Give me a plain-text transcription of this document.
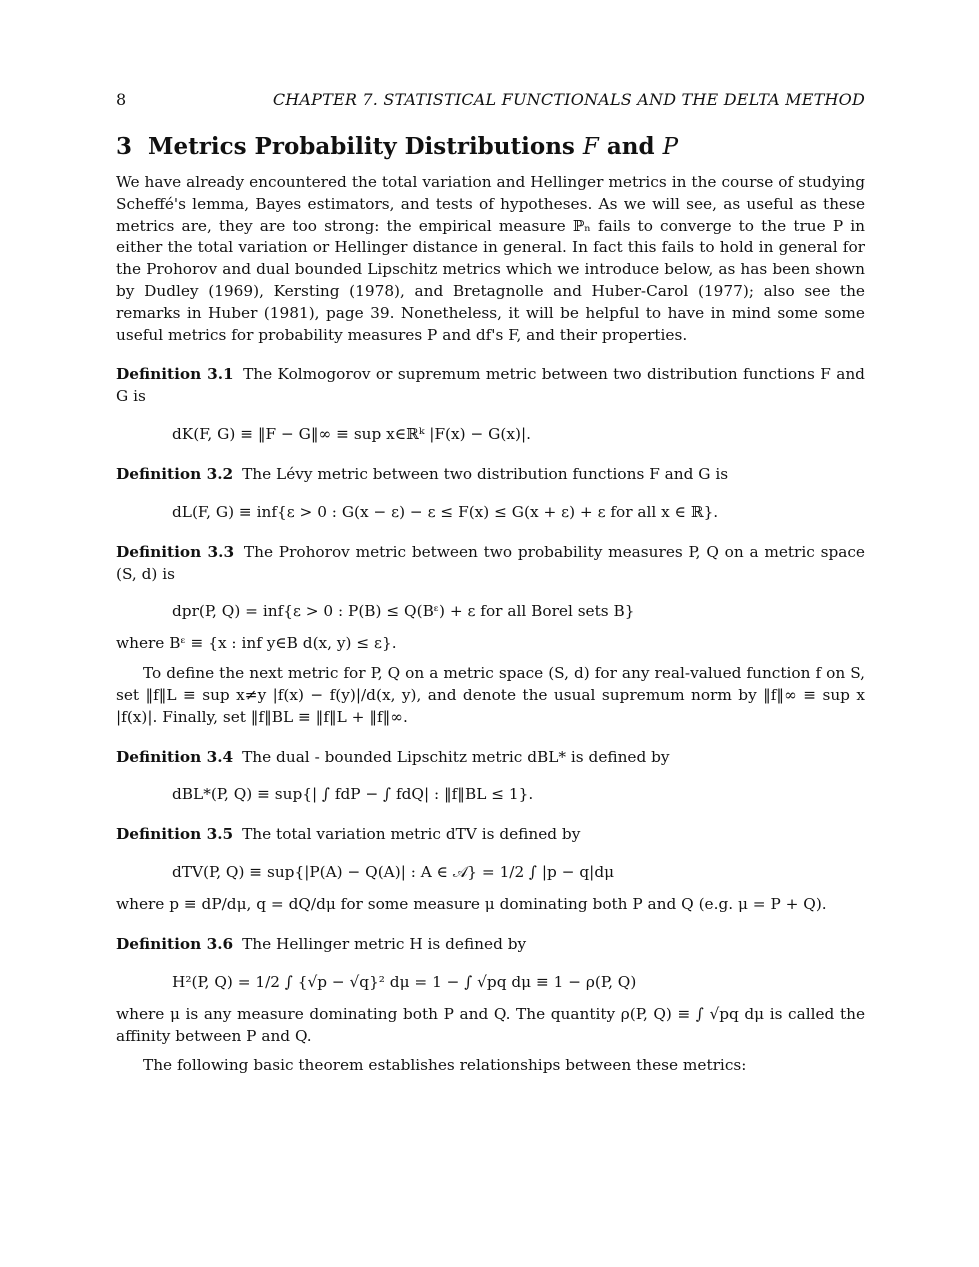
8	CHAPTER 7. STATISTICAL FUNCTIONALS AND THE DELTA METHOD
3 Metrics Probability Distributions F and P

We have already encountered the total variation and Hellinger metrics in the course of studying Scheffé's lemma, Bayes estimators, and tests of hypotheses. As we will see, as useful as these metrics are, they are too strong: the empirical measure ℙₙ fails to converge to the true P in either the total variation or Hellinger distance in general. In fact this fails to hold in general for the Prohorov and dual bounded Lipschitz metrics which we introduce below, as has been shown by Dudley (1969), Kersting (1978), and Bretagnolle and Huber-Carol (1977); also see the remarks in Huber (1981), page 39. Nonetheless, it will be helpful to have in mind some some useful metrics for probability measures P and df's F, and their properties.

Definition 3.1 The Kolmogorov or supremum metric between two distribution functions F and G is
dK(F, G) ≡ ‖F − G‖∞ ≡ sup x∈ℝᵏ |F(x) − G(x)|.
Definition 3.2 The Lévy metric between two distribution functions F and G is
dL(F, G) ≡ inf{ε > 0 : G(x − ε) − ε ≤ F(x) ≤ G(x + ε) + ε for all x ∈ ℝ}.
Definition 3.3 The Prohorov metric between two probability measures P, Q on a metric space (S, d) is
dpr(P, Q) = inf{ε > 0 : P(B) ≤ Q(Bᵋ) + ε for all Borel sets B}

where Bᵋ ≡ {x : inf y∈B d(x, y) ≤ ε}.

To define the next metric for P, Q on a metric space (S, d) for any real-valued function f on S, set ‖f‖L ≡ sup x≠y |f(x) − f(y)|/d(x, y), and denote the usual supremum norm by ‖f‖∞ ≡ sup x |f(x)|. Finally, set ‖f‖BL ≡ ‖f‖L + ‖f‖∞.

Definition 3.4 The dual - bounded Lipschitz metric dBL* is defined by
dBL*(P, Q) ≡ sup{| ∫ fdP − ∫ fdQ| : ‖f‖BL ≤ 1}.
Definition 3.5 The total variation metric dTV is defined by
dTV(P, Q) ≡ sup{|P(A) − Q(A)| : A ∈ 𝒜} = 1/2 ∫ |p − q|dμ

where p ≡ dP/dμ, q = dQ/dμ for some measure μ dominating both P and Q (e.g. μ = P + Q).

Definition 3.6 The Hellinger metric H is defined by
H²(P, Q) = 1/2 ∫ {√p − √q}² dμ = 1 − ∫ √pq dμ ≡ 1 − ρ(P, Q)

where μ is any measure dominating both P and Q. The quantity ρ(P, Q) ≡ ∫ √pq dμ is called the affinity between P and Q.

The following basic theorem establishes relationships between these metrics:
